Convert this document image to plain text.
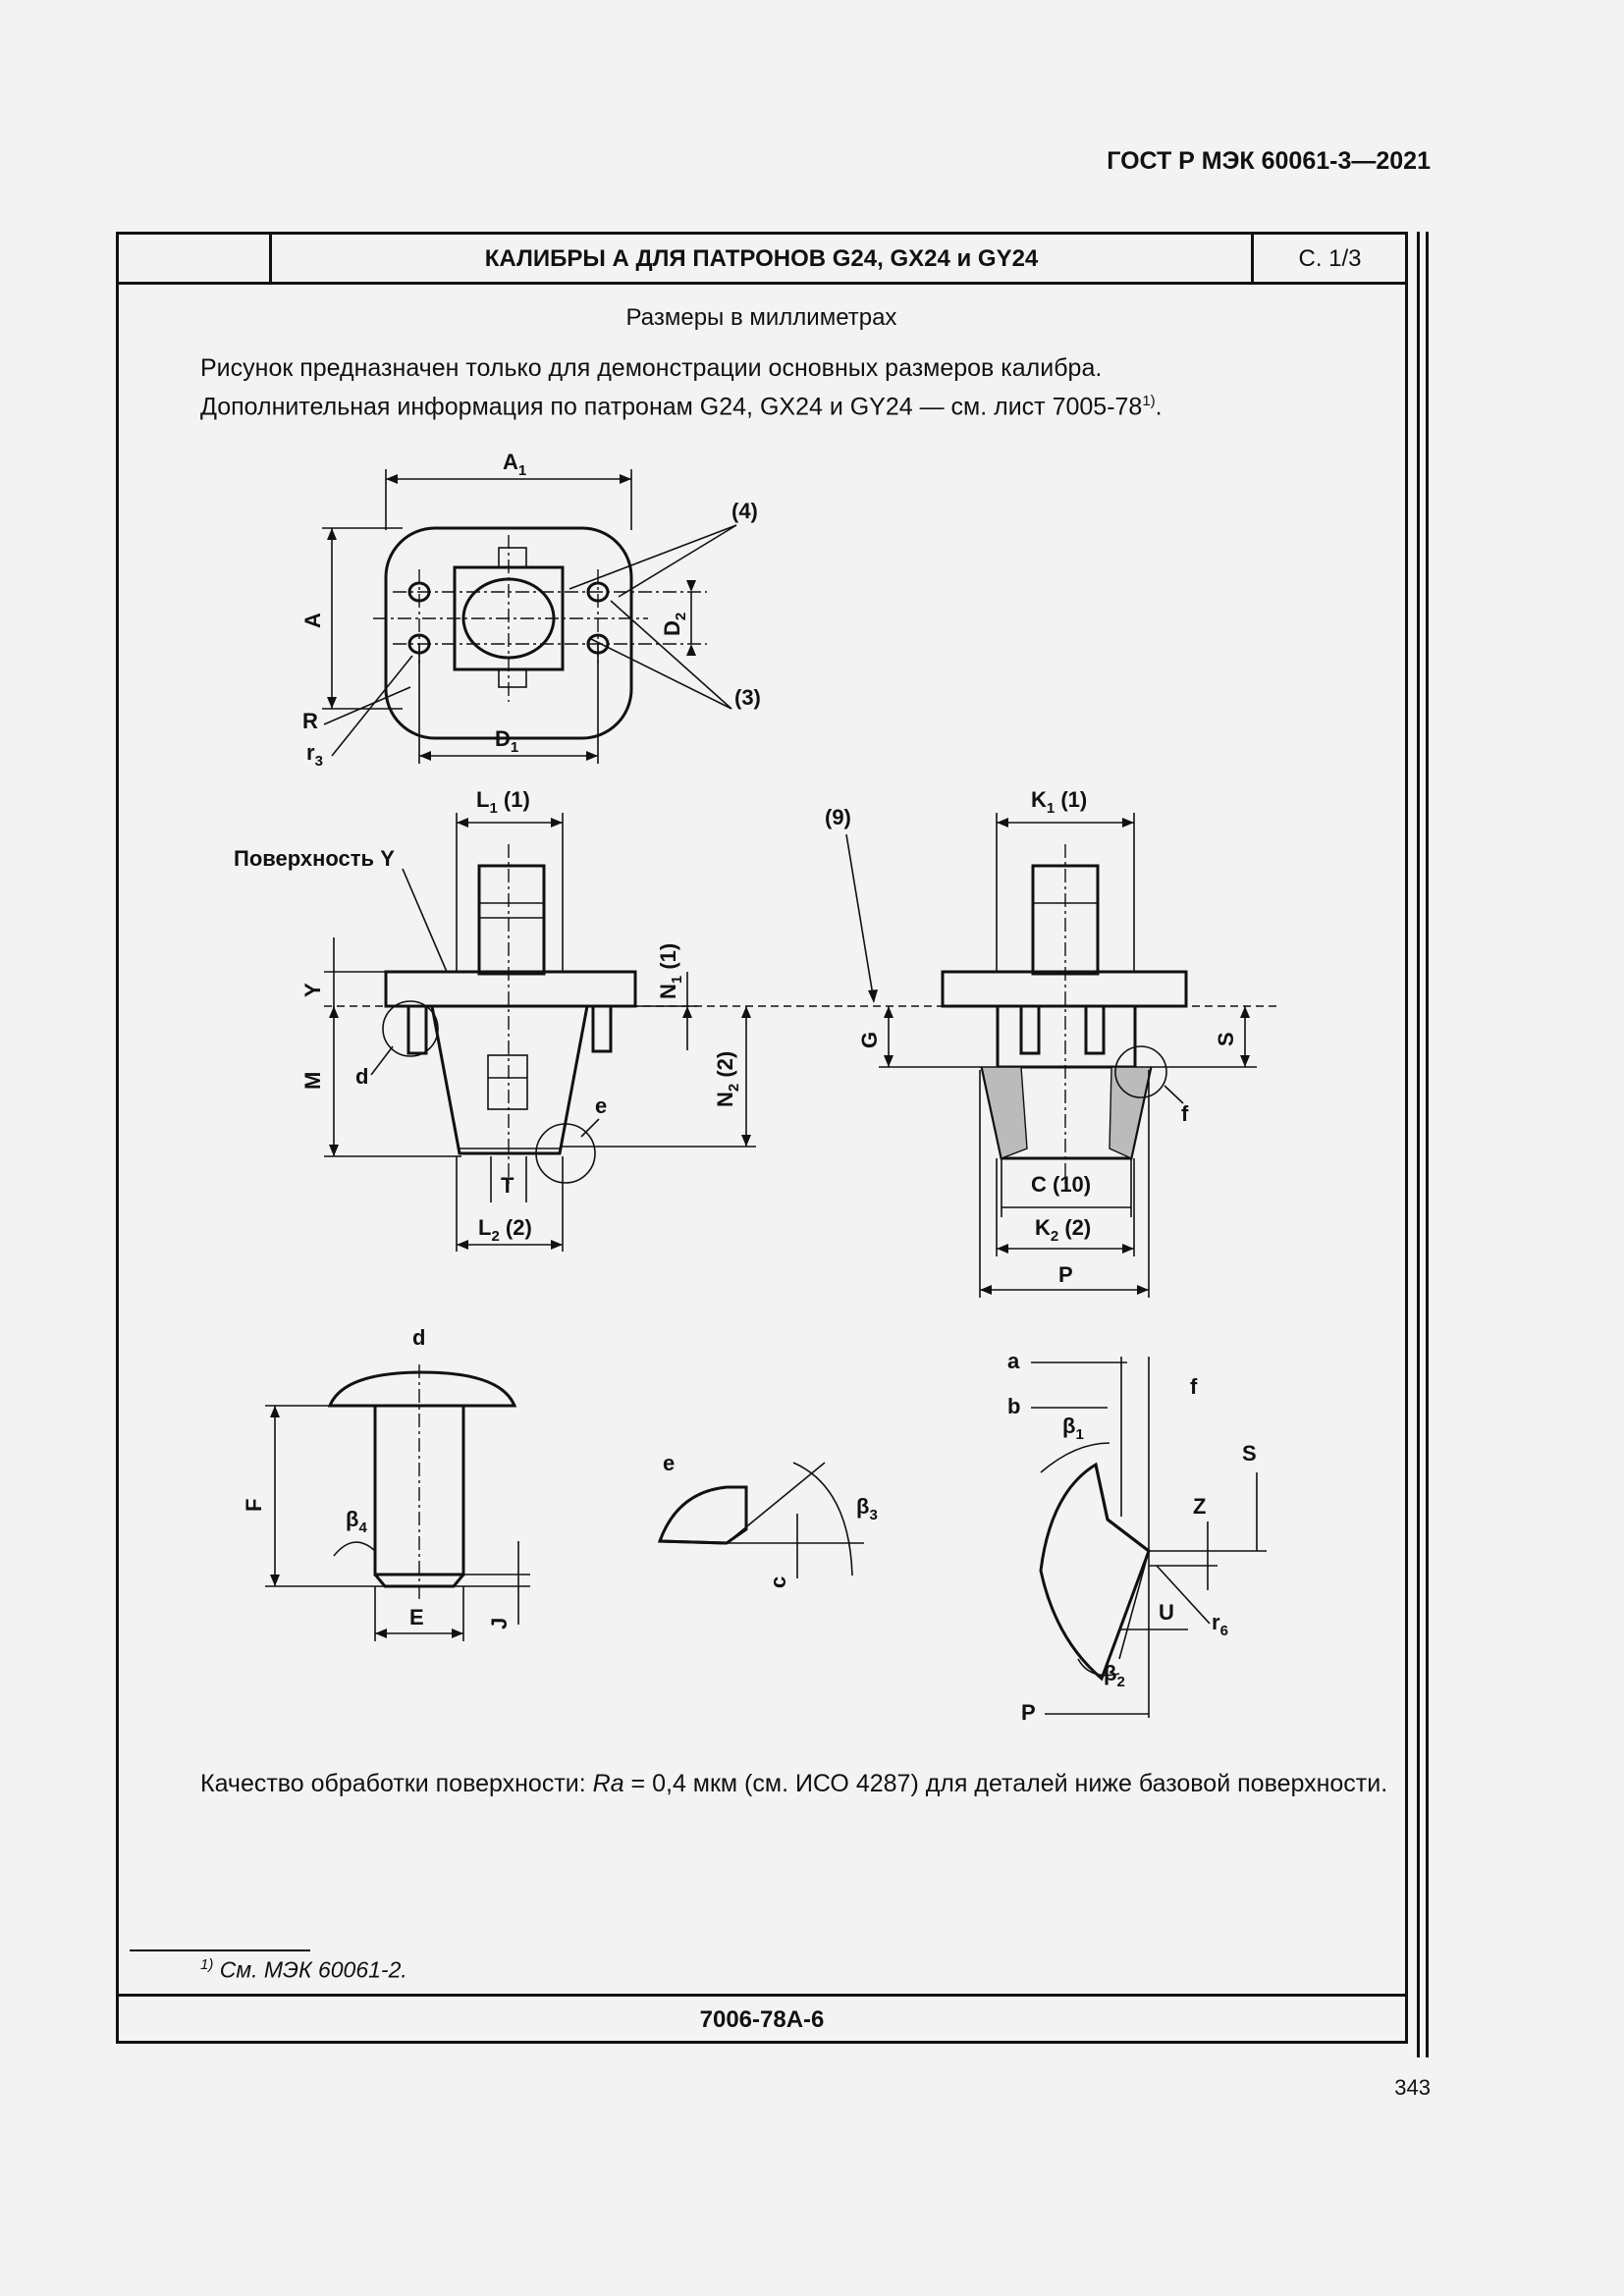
ГОСТ Р МЭК 60061-3—2021
КАЛИБРЫ А ДЛЯ ПАТРОНОВ G24, GX24 и GY24	С. 1/3
Размеры в миллиметрах
Рисунок предназначен только для демонстрации основных размеров калибра.
Дополнительная информация по патронам G24, GX24 и GY24 — см. лист 7005-78$^{1)}$.
$A_1$
A
$D_2$
$D_1$
(4)
(3)
R
$r_3$
$L_1$ (1)
Поверхность Y
Y
M d
$N_1$ (1)
$N_2$ (2)
e
T
$L_2$ (2)
$K_1$ (1)
(9)
G	S
f
C (10)
$K_2$ (2)
P
d
F
$\beta_4$
E	J
e
$\beta_3$
c
a
b
f
$\beta_1$
S
Z
U $r_6$
$\beta_2$
P
Качество обработки поверхности: Ra = 0,4 мкм (см. ИСО 4287) для деталей ниже базовой поверхности.
$^{1)}$ См. МЭК 60061-2.
7006-78A-6
343
